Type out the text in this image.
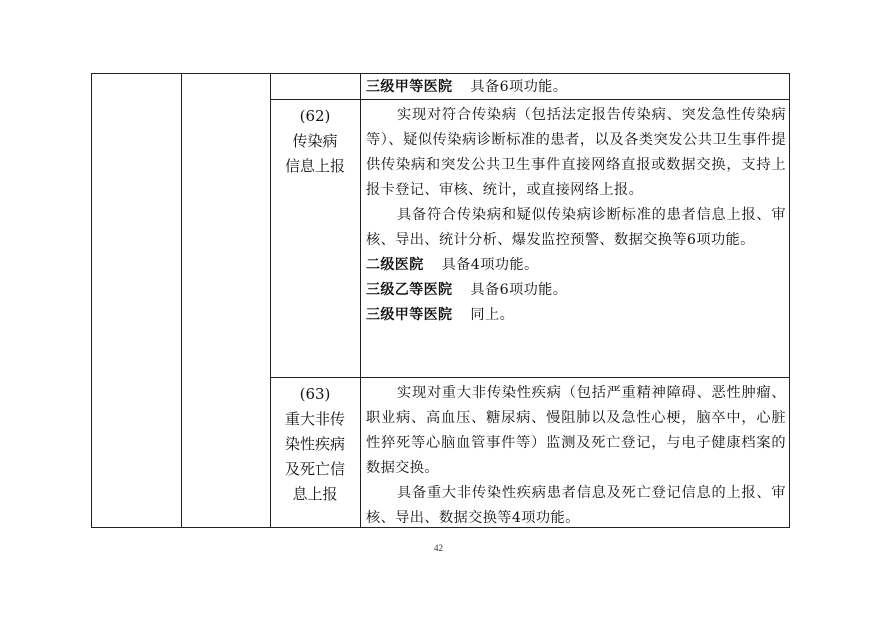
三级甲等医院 具备6项功能。

(62)
传染病
信息上报

实现对符合传染病（包括法定报告传染病、突发急性传染病等）、疑似传染病诊断标准的患者，以及各类突发公共卫生事件提供传染病和突发公共卫生事件直接网络直报或数据交换，支持上报卡登记、审核、统计，或直接网络上报。

具备符合传染病和疑似传染病诊断标准的患者信息上报、审核、导出、统计分析、爆发监控预警、数据交换等6项功能。

二级医院 具备4项功能。

三级乙等医院 具备6项功能。

三级甲等医院 同上。

(63)
重大非传
染性疾病
及死亡信
息上报

实现对重大非传染性疾病（包括严重精神障碍、恶性肿瘤、职业病、高血压、糖尿病、慢阻肺以及急性心梗，脑卒中，心脏性猝死等心脑血管事件等）监测及死亡登记，与电子健康档案的数据交换。

具备重大非传染性疾病患者信息及死亡登记信息的上报、审核、导出、数据交换等4项功能。

42
